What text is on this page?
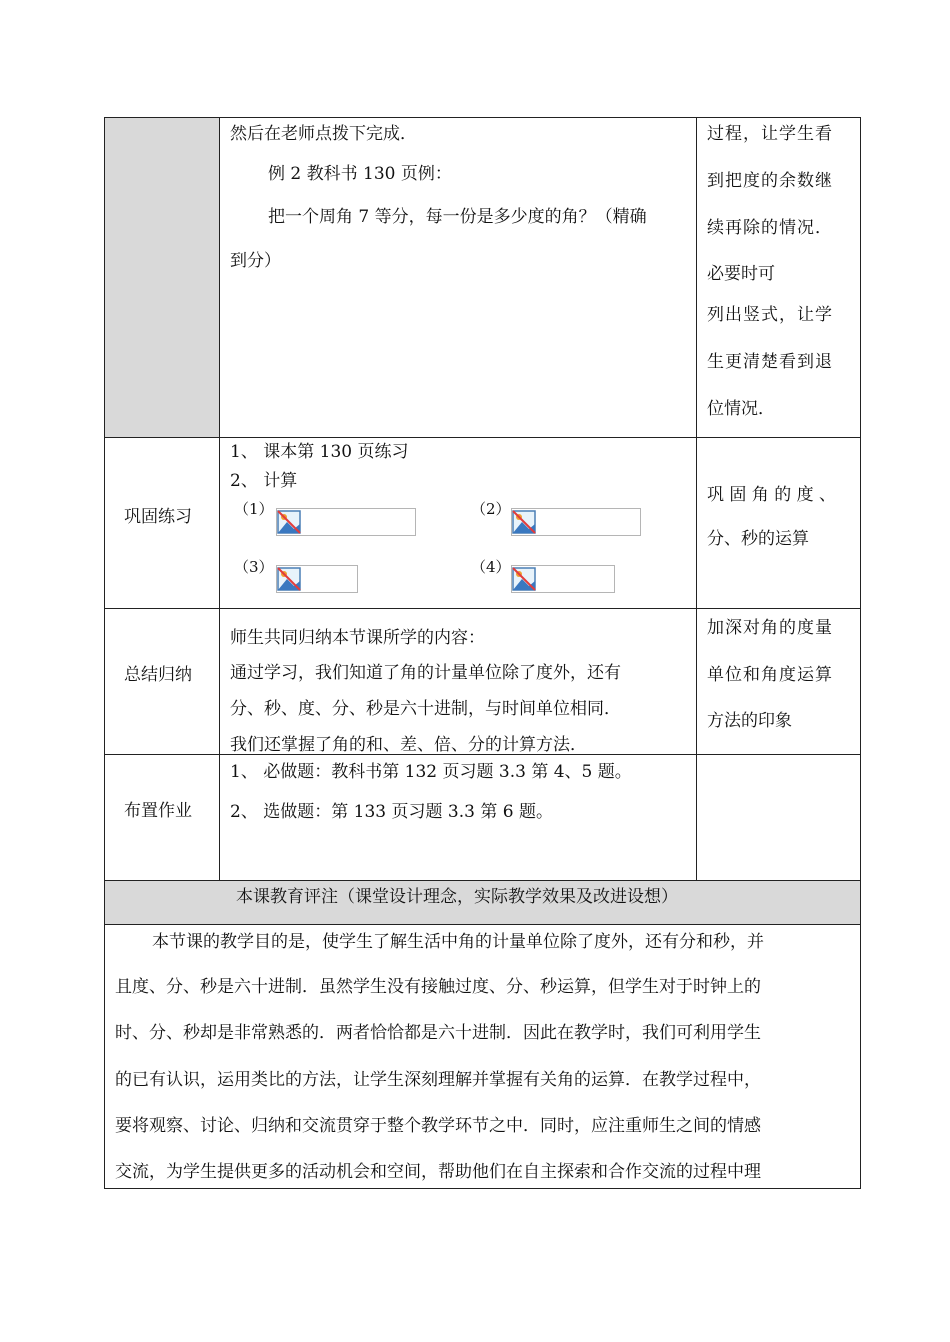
然后在老师点拨下完成．
例 2 教科书 130 页例：
把一个周角 7 等分，每一份是多少度的角？（精确
到分）
过程，让学生看
到把度的余数继
续再除的情况．
必要时可
列出竖式，让学
生更清楚看到退
位情况．
巩固练习
1、 课本第 130 页练习
2、 计算
（1）	（2）
（3）	（4）
巩 固 角 的 度 、
分、秒的运算
总结归纳
师生共同归纳本节课所学的内容：
通过学习，我们知道了角的计量单位除了度外，还有
分、秒、度、分、秒是六十进制，与时间单位相同．
我们还掌握了角的和、差、倍、分的计算方法．
加深对角的度量
单位和角度运算
方法的印象
布置作业
1、 必做题：教科书第 132 页习题 3.3 第 4、5 题。
2、 选做题：第 133 页习题 3.3 第 6 题。
本课教育评注（课堂设计理念，实际教学效果及改进设想）
本节课的教学目的是，使学生了解生活中角的计量单位除了度外，还有分和秒，并
且度、分、秒是六十进制．虽然学生没有接触过度、分、秒运算，但学生对于时钟上的
时、分、秒却是非常熟悉的．两者恰恰都是六十进制．因此在教学时，我们可利用学生
的已有认识，运用类比的方法，让学生深刻理解并掌握有关角的运算．在教学过程中，
要将观察、讨论、归纳和交流贯穿于整个教学环节之中．同时，应注重师生之间的情感
交流，为学生提供更多的活动机会和空间，帮助他们在自主探索和合作交流的过程中理
